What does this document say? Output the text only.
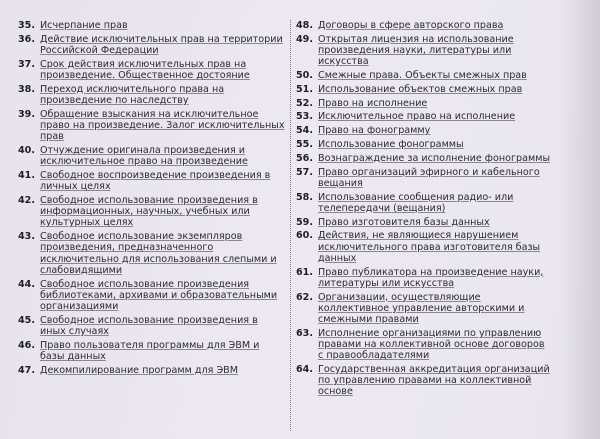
35. Исчерпание прав
36. Действие исключительных прав на территории Российской Федерации
37. Срок действия исключительных прав на произведение. Общественное достояние
38. Переход исключительного права на произведение по наследству
39. Обращение взыскания на исключительное право на произведение. Залог исключительных прав
40. Отчуждение оригинала произведения и исключительное право на произведение
41. Свободное воспроизведение произведения в личных целях
42. Свободное использование произведения в информационных, научных, учебных или культурных целях
43. Свободное использование экземпляров произведения, предназначенного исключительно для использования слепыми и слабовидящими
44. Свободное использование произведения библиотеками, архивами и образовательными организациями
45. Свободное использование произведения в иных случаях
46. Право пользователя программы для ЭВМ и базы данных
47. Декомпилирование программ для ЭВМ
48. Договоры в сфере авторского права
49. Открытая лицензия на использование произведения науки, литературы или искусства
50. Смежные права. Объекты смежных прав
51. Использование объектов смежных прав
52. Право на исполнение
53. Исключительное право на исполнение
54. Право на фонограмму
55. Использование фонограммы
56. Вознаграждение за исполнение фонограммы
57. Право организаций эфирного и кабельного вещания
58. Использование сообщения радио- или телепередачи (вещания)
59. Право изготовителя базы данных
60. Действия, не являющиеся нарушением исключительного права изготовителя базы данных
61. Право публикатора на произведение науки, литературы или искусства
62. Организации, осуществляющие коллективное управление авторскими и смежными правами
63. Исполнение организациями по управлению правами на коллективной основе договоров с правообладателями
64. Государственная аккредитация организаций по управлению правами на коллективной основе
